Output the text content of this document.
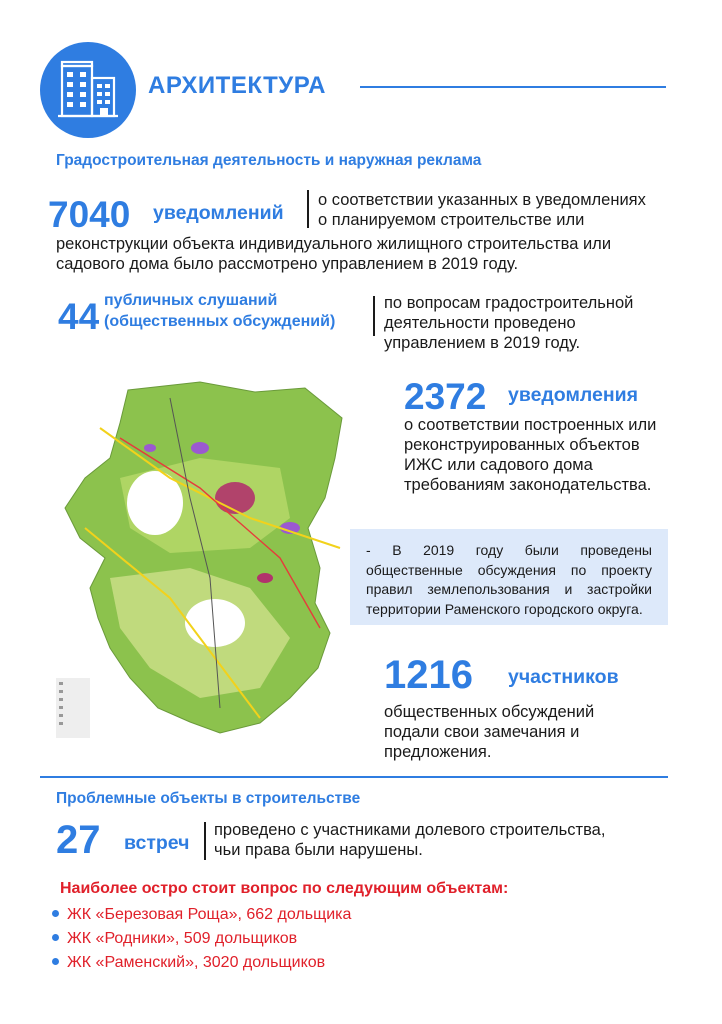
АРХИТЕКТУРА
Градостроительная деятельность и наружная реклама
7040 уведомлений
о соответствии указанных в уведомлениях
о планируемом строительстве или
реконструкции объекта индивидуального жилищного строительства или
садового дома было рассмотрено управлением в 2019 году.
44 публичных слушаний
(общественных обсуждений)
по вопросам градостроительной
деятельности проведено
управлением в 2019 году.
2372 уведомления
о соответствии построенных или
реконструированных объектов
ИЖС или садового дома
требованиям законодательства.

- В 2019 году были проведены общественные обсуждения по проекту правил землепользования и застройки территории Раменского городского округа.

1216 участников
общественных обсуждений
подали свои замечания и
предложения.
Проблемные объекты в строительстве
27 встреч
проведено с участниками долевого строительства,
чьи права были нарушены.
Наиболее остро стоит вопрос по следующим объектам:
ЖК «Березовая Роща», 662 дольщика
ЖК «Родники», 509 дольщиков
ЖК «Раменский», 3020 дольщиков
